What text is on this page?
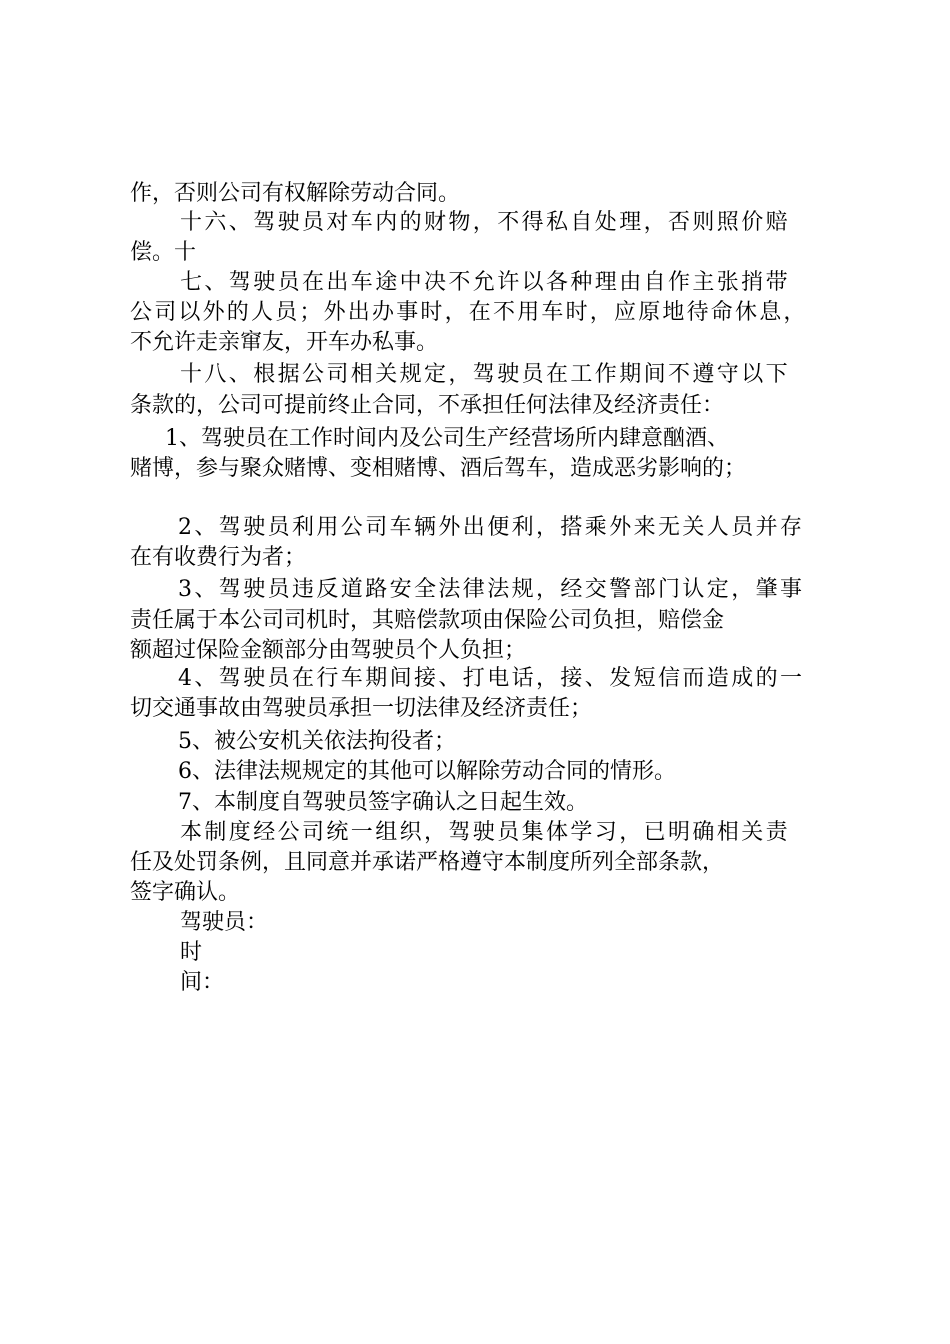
作，否则公司有权解除劳动合同。
十六、驾驶员对车内的财物，不得私自处理，否则照价赔
偿。十
七、驾驶员在出车途中决不允许以各种理由自作主张捎带
公司以外的人员；外出办事时，在不用车时，应原地待命休息，
不允许走亲窜友，开车办私事。
十八、根据公司相关规定，驾驶员在工作期间不遵守以下
条款的，公司可提前终止合同，不承担任何法律及经济责任：
1、驾驶员在工作时间内及公司生产经营场所内肆意酗酒、
赌博，参与聚众赌博、变相赌博、酒后驾车，造成恶劣影响的；
2、驾驶员利用公司车辆外出便利，搭乘外来无关人员并存
在有收费行为者；
3、驾驶员违反道路安全法律法规，经交警部门认定，肇事
责任属于本公司司机时，其赔偿款项由保险公司负担，赔偿金
额超过保险金额部分由驾驶员个人负担；
4、驾驶员在行车期间接、打电话，接、发短信而造成的一
切交通事故由驾驶员承担一切法律及经济责任；
5、被公安机关依法拘役者；
6、法律法规规定的其他可以解除劳动合同的情形。
7、本制度自驾驶员签字确认之日起生效。
本制度经公司统一组织，驾驶员集体学习，已明确相关责
任及处罚条例，且同意并承诺严格遵守本制度所列全部条款，
签字确认。
驾驶员：
时
间：
